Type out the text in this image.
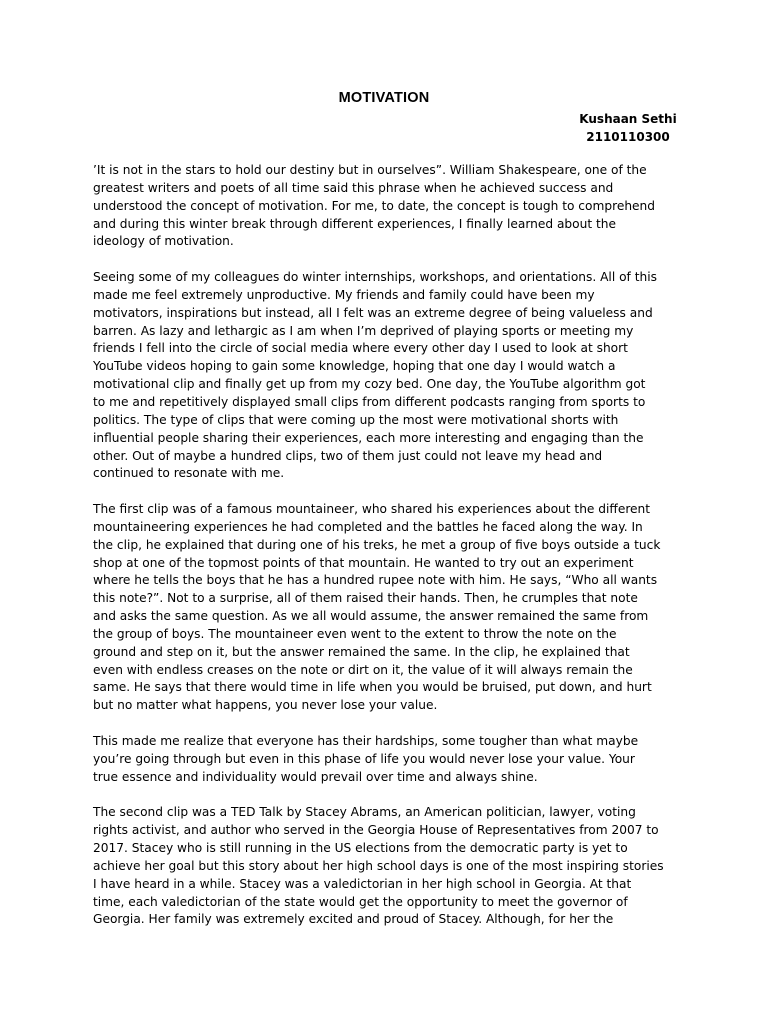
MOTIVATION
Kushaan Sethi
2110110300

’It is not in the stars to hold our destiny but in ourselves”. William Shakespeare, one of the
greatest writers and poets of all time said this phrase when he achieved success and
understood the concept of motivation. For me, to date, the concept is tough to comprehend
and during this winter break through different experiences, I finally learned about the
ideology of motivation.

Seeing some of my colleagues do winter internships, workshops, and orientations. All of this
made me feel extremely unproductive. My friends and family could have been my
motivators, inspirations but instead, all I felt was an extreme degree of being valueless and
barren. As lazy and lethargic as I am when I’m deprived of playing sports or meeting my
friends I fell into the circle of social media where every other day I used to look at short
YouTube videos hoping to gain some knowledge, hoping that one day I would watch a
motivational clip and finally get up from my cozy bed. One day, the YouTube algorithm got
to me and repetitively displayed small clips from different podcasts ranging from sports to
politics. The type of clips that were coming up the most were motivational shorts with
influential people sharing their experiences, each more interesting and engaging than the
other. Out of maybe a hundred clips, two of them just could not leave my head and
continued to resonate with me.

The first clip was of a famous mountaineer, who shared his experiences about the different
mountaineering experiences he had completed and the battles he faced along the way. In
the clip, he explained that during one of his treks, he met a group of five boys outside a tuck
shop at one of the topmost points of that mountain. He wanted to try out an experiment
where he tells the boys that he has a hundred rupee note with him. He says, “Who all wants
this note?”. Not to a surprise, all of them raised their hands. Then, he crumples that note
and asks the same question. As we all would assume, the answer remained the same from
the group of boys. The mountaineer even went to the extent to throw the note on the
ground and step on it, but the answer remained the same. In the clip, he explained that
even with endless creases on the note or dirt on it, the value of it will always remain the
same. He says that there would time in life when you would be bruised, put down, and hurt
but no matter what happens, you never lose your value.

This made me realize that everyone has their hardships, some tougher than what maybe
you’re going through but even in this phase of life you would never lose your value. Your
true essence and individuality would prevail over time and always shine.

The second clip was a TED Talk by Stacey Abrams, an American politician, lawyer, voting
rights activist, and author who served in the Georgia House of Representatives from 2007 to
2017. Stacey who is still running in the US elections from the democratic party is yet to
achieve her goal but this story about her high school days is one of the most inspiring stories
I have heard in a while. Stacey was a valedictorian in her high school in Georgia. At that
time, each valedictorian of the state would get the opportunity to meet the governor of
Georgia. Her family was extremely excited and proud of Stacey. Although, for her the
